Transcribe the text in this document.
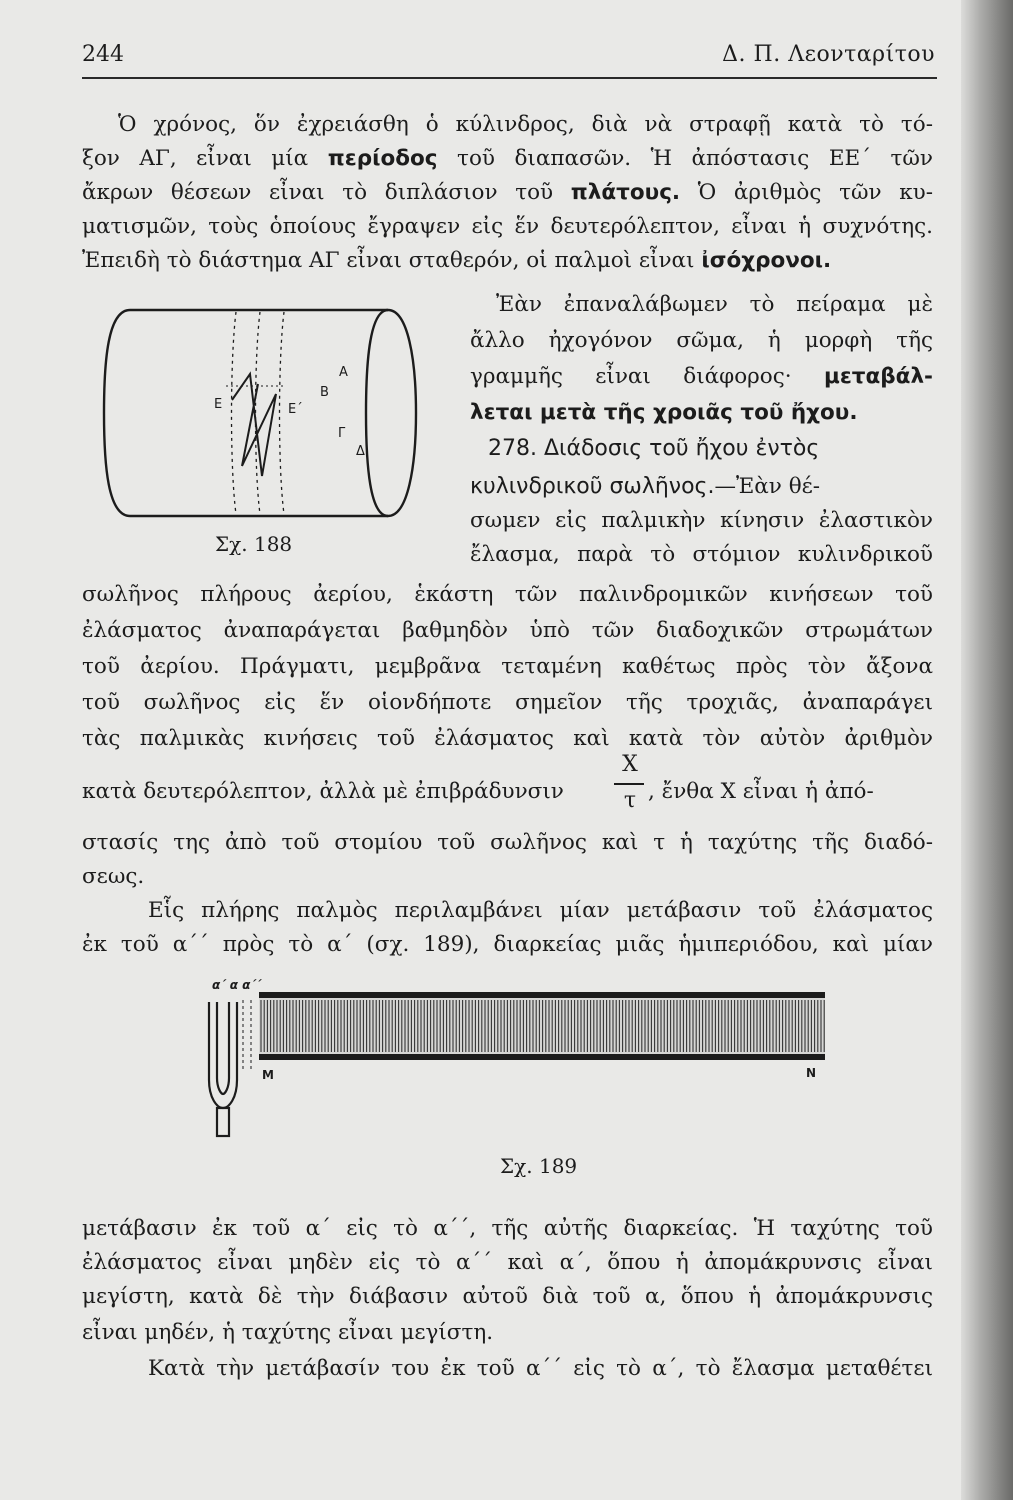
244	Δ. Π. Λεονταρίτου
Ὁ χρόνος, ὅν ἐχρειάσθη ὁ κύλινδρος, διὰ νὰ στραφῇ κατὰ τὸ τό-
ξον ΑΓ, εἶναι μία περίοδος τοῦ διαπασῶν. Ἡ ἀπόστασις ΕΕ΄ τῶν
ἄκρων θέσεων εἶναι τὸ διπλάσιον τοῦ πλάτους. Ὁ ἀριθμὸς τῶν κυ-
ματισμῶν, τοὺς ὁποίους ἔγραψεν εἰς ἕν δευτερόλεπτον, εἶναι ἡ συχνότης.
Ἐπειδὴ τὸ διάστημα ΑΓ εἶναι σταθερόν, οἱ παλμοὶ εἶναι ἰσόχρονοι.
Α
Β
Γ
Δ
Ε	Ε΄
Σχ. 188
Ἐὰν ἐπαναλάβωμεν τὸ πείραμα μὲ
ἄλλο ἠχογόνον σῶμα, ἡ μορφὴ τῆς
γραμμῆς εἶναι διάφορος· μεταβάλ-
λεται μετὰ τῆς χροιᾶς τοῦ ἤχου.
278. Διάδοσις τοῦ ἤχου ἐντὸς
κυλινδρικοῦ σωλῆνος.—Ἐὰν θέ-
σωμεν εἰς παλμικὴν κίνησιν ἐλαστικὸν
ἔλασμα, παρὰ τὸ στόμιον κυλινδρικοῦ
σωλῆνος πλήρους ἀερίου, ἑκάστη τῶν παλινδρομικῶν κινήσεων τοῦ
ἐλάσματος ἀναπαράγεται βαθμηδὸν ὑπὸ τῶν διαδοχικῶν στρωμάτων
τοῦ ἀερίου. Πράγματι, μεμβρᾶνα τεταμένη καθέτως πρὸς τὸν ἄξονα
τοῦ σωλῆνος εἰς ἕν οἱονδήποτε σημεῖον τῆς τροχιᾶς, ἀναπαράγει
τὰς παλμικὰς κινήσεις τοῦ ἐλάσματος καὶ κατὰ τὸν αὐτὸν ἀριθμὸν
κατὰ δευτερόλεπτον, ἀλλὰ μὲ ἐπιβράδυνσιν
X
τ , ἔνθα X εἶναι ἡ ἀπό-
στασίς της ἀπὸ τοῦ στομίου τοῦ σωλῆνος καὶ τ ἡ ταχύτης τῆς διαδό-
σεως.
Εἷς πλήρης παλμὸς περιλαμβάνει μίαν μετάβασιν τοῦ ἐλάσματος
ἐκ τοῦ α΄΄ πρὸς τὸ α΄ (σχ. 189), διαρκείας μιᾶς ἡμιπεριόδου, καὶ μίαν
α΄ α α΄΄
Μ	Ν
Σχ. 189
μετάβασιν ἐκ τοῦ α΄ εἰς τὸ α΄΄, τῆς αὐτῆς διαρκείας. Ἡ ταχύτης τοῦ
ἐλάσματος εἶναι μηδὲν εἰς τὸ α΄΄ καὶ α΄, ὅπου ἡ ἀπομάκρυνσις εἶναι
μεγίστη, κατὰ δὲ τὴν διάβασιν αὐτοῦ διὰ τοῦ α, ὅπου ἡ ἀπομάκρυνσις
εἶναι μηδέν, ἡ ταχύτης εἶναι μεγίστη.
Κατὰ τὴν μετάβασίν του ἐκ τοῦ α΄΄ εἰς τὸ α΄, τὸ ἔλασμα μεταθέτει
